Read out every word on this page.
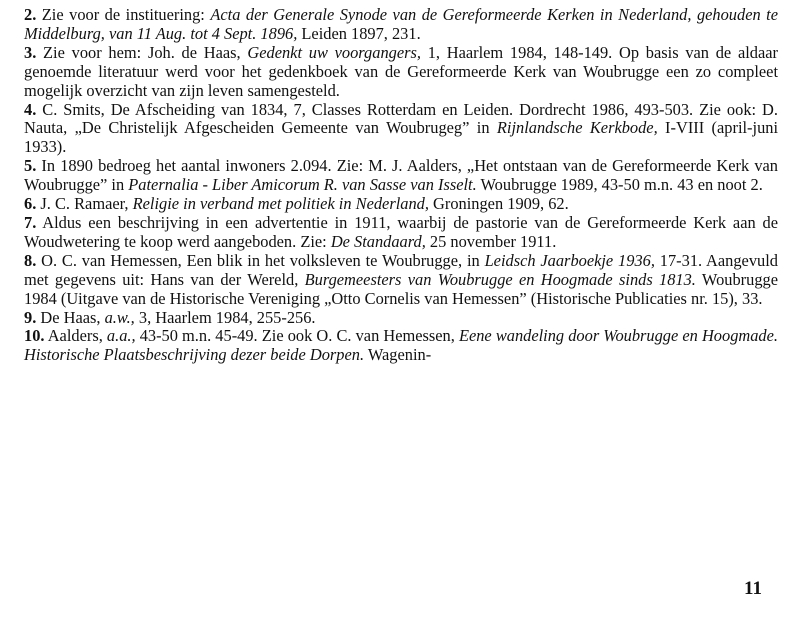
2. Zie voor de instituering: Acta der Generale Synode van de Gereformeerde Kerken in Nederland, gehouden te Middelburg, van 11 Aug. tot 4 Sept. 1896, Leiden 1897, 231.

3. Zie voor hem: Joh. de Haas, Gedenkt uw voorgangers, 1, Haarlem 1984, 148-149. Op basis van de aldaar genoemde literatuur werd voor het gedenkboek van de Gereformeerde Kerk van Woubrugge een zo compleet mogelijk overzicht van zijn leven samengesteld.

4. C. Smits, De Afscheiding van 1834, 7, Classes Rotterdam en Leiden. Dordrecht 1986, 493-503. Zie ook: D. Nauta, „De Christelijk Afgescheiden Gemeente van Woubrugeg” in Rijnlandsche Kerkbode, I-VIII (april-juni 1933).

5. In 1890 bedroeg het aantal inwoners 2.094. Zie: M. J. Aalders, „Het ontstaan van de Gereformeerde Kerk van Woubrugge” in Paternalia - Liber Amicorum R. van Sasse van Isselt. Woubrugge 1989, 43-50 m.n. 43 en noot 2.

6. J. C. Ramaer, Religie in verband met politiek in Nederland, Groningen 1909, 62.

7. Aldus een beschrijving in een advertentie in 1911, waarbij de pastorie van de Gereformeerde Kerk aan de Woudwetering te koop werd aangeboden. Zie: De Standaard, 25 november 1911.

8. O. C. van Hemessen, Een blik in het volksleven te Woubrugge, in Leidsch Jaarboekje 1936, 17-31. Aangevuld met gegevens uit: Hans van der Wereld, Burgemeesters van Woubrugge en Hoogmade sinds 1813. Woubrugge 1984 (Uitgave van de Historische Vereniging „Otto Cornelis van Hemessen” (Historische Publicaties nr. 15), 33.

9. De Haas, a.w., 3, Haarlem 1984, 255-256.

10. Aalders, a.a., 43-50 m.n. 45-49. Zie ook O. C. van Hemessen, Eene wandeling door Woubrugge en Hoogmade. Historische Plaatsbeschrijving dezer beide Dorpen. Wagenin-

11
